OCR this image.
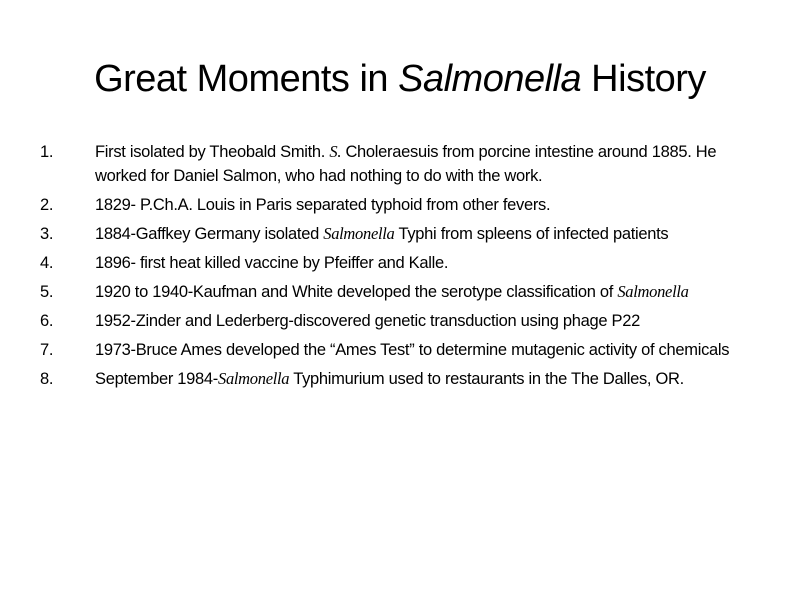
Great Moments in Salmonella History
1.	First isolated by Theobald Smith. S. Choleraesuis from porcine intestine around 1885. He worked for Daniel Salmon, who had nothing to do with the work.
2.	1829- P.Ch.A. Louis in Paris separated typhoid from other fevers.
3.	1884-Gaffkey Germany isolated Salmonella Typhi from spleens of infected patients
4.	1896- first heat killed vaccine by Pfeiffer and Kalle.
5.	1920 to 1940-Kaufman and White developed the serotype classification of Salmonella
6.	1952-Zinder and Lederberg-discovered genetic transduction using phage P22
7.	1973-Bruce Ames developed the “Ames Test” to determine mutagenic activity of chemicals
8.	September 1984-Salmonella Typhimurium used to restaurants in the The Dalles, OR.
